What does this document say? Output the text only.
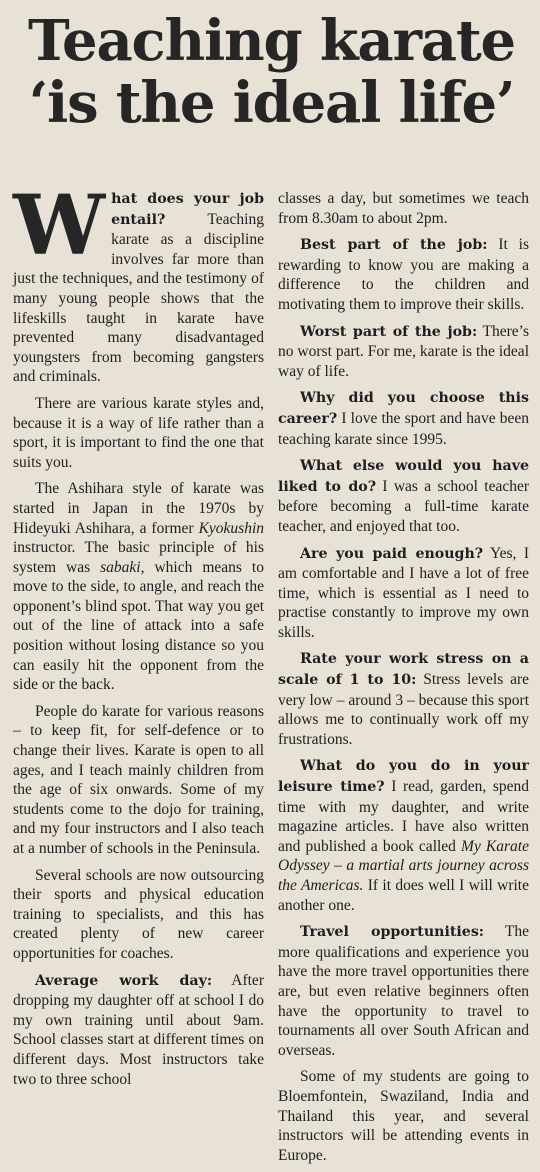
Teaching karate
‘is the ideal life’

What does your job entail? Teaching karate as a discipline involves far more than just the techniques, and the testimony of many young people shows that the lifeskills taught in karate have prevented many disadvantaged youngsters from becoming gangsters and criminals.

There are various karate styles and, because it is a way of life rather than a sport, it is important to find the one that suits you.

The Ashihara style of karate was started in Japan in the 1970s by Hideyuki Ashihara, a former Kyokushin instructor. The basic principle of his system was sabaki, which means to move to the side, to angle, and reach the opponent’s blind spot. That way you get out of the line of attack into a safe position without losing distance so you can easily hit the opponent from the side or the back.

People do karate for various reasons – to keep fit, for self-defence or to change their lives. Karate is open to all ages, and I teach mainly children from the age of six onwards. Some of my students come to the dojo for training, and my four instructors and I also teach at a number of schools in the Peninsula.

Several schools are now outsourcing their sports and physical education training to specialists, and this has created plenty of new career opportunities for coaches.

Average work day: After dropping my daughter off at school I do my own training until about 9am. School classes start at different times on different days. Most instructors take two to three school

classes a day, but sometimes we teach from 8.30am to about 2pm.

Best part of the job: It is rewarding to know you are making a difference to the children and motivating them to improve their skills.

Worst part of the job: There’s no worst part. For me, karate is the ideal way of life.

Why did you choose this career? I love the sport and have been teaching karate since 1995.

What else would you have liked to do? I was a school teacher before becoming a full-time karate teacher, and enjoyed that too.

Are you paid enough? Yes, I am comfortable and I have a lot of free time, which is essential as I need to practise constantly to improve my own skills.

Rate your work stress on a scale of 1 to 10: Stress levels are very low – around 3 – because this sport allows me to continually work off my frustrations.

What do you do in your leisure time? I read, garden, spend time with my daughter, and write magazine articles. I have also written and published a book called My Karate Odyssey – a martial arts journey across the Americas. If it does well I will write another one.

Travel opportunities: The more qualifications and experience you have the more travel opportunities there are, but even relative beginners often have the opportunity to travel to tournaments all over South African and overseas.

Some of my students are going to Bloemfontein, Swaziland, India and Thailand this year, and several instructors will be attending events in Europe.
